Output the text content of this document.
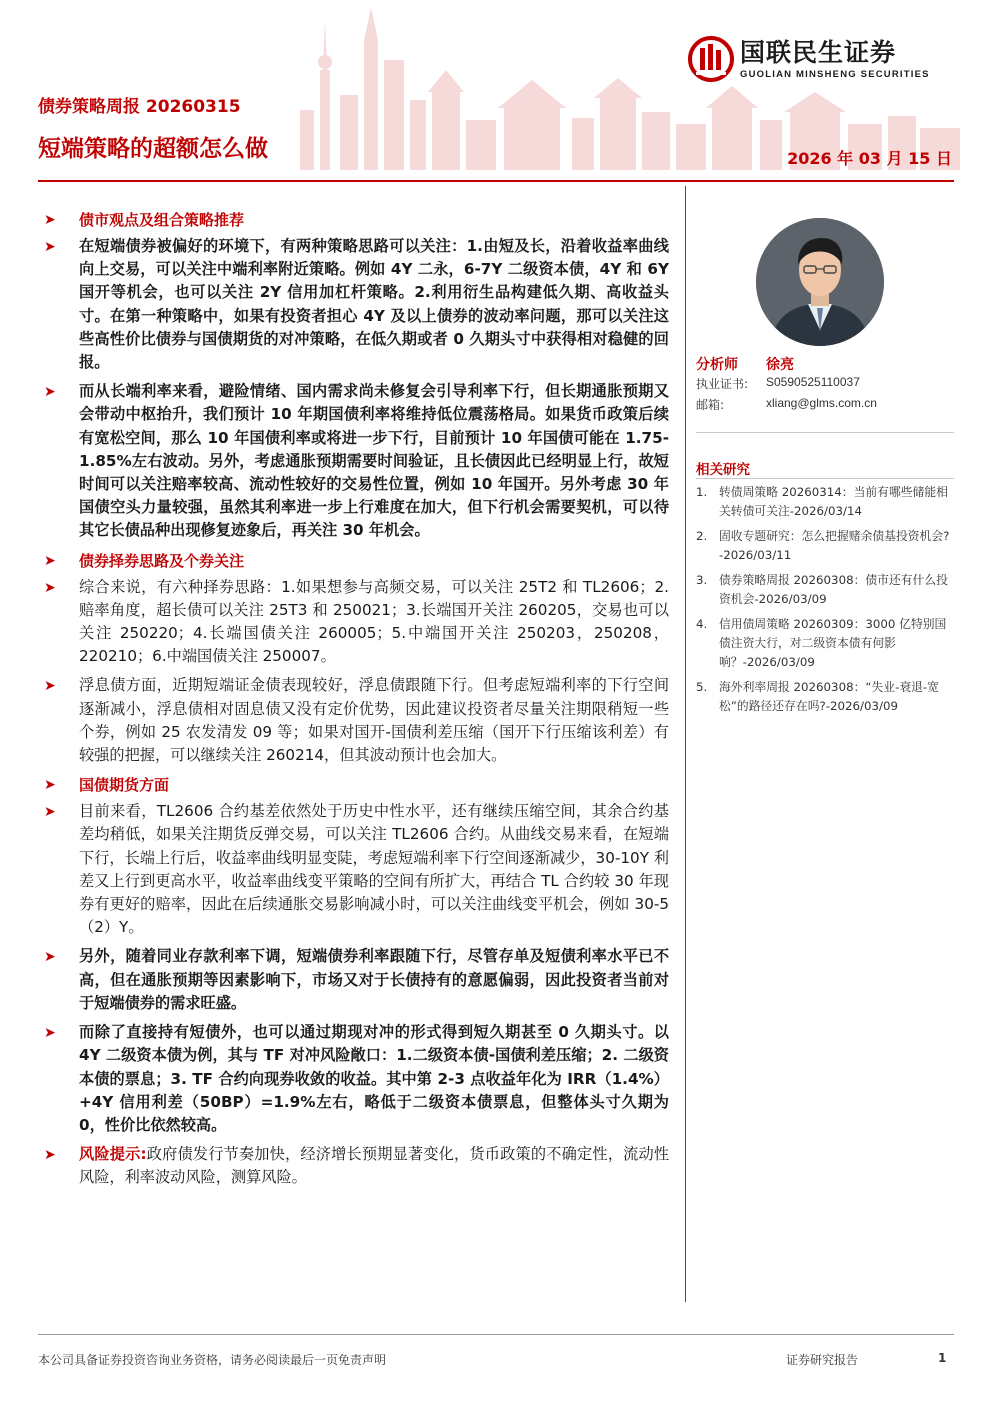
国联民生证券
GUOLIAN MINSHENG SECURITIES
债券策略周报 20260315
短端策略的超额怎么做	2026 年 03 月 15 日
➤ 债市观点及组合策略推荐
➤ 在短端债券被偏好的环境下，有两种策略思路可以关注：1.由短及长，沿着收益率曲线向上交易，可以关注中端利率附近策略。例如 4Y 二永，6-7Y 二级资本债，4Y 和 6Y 国开等机会，也可以关注 2Y 信用加杠杆策略。2.利用衍生品构建低久期、高收益头寸。在第一种策略中，如果有投资者担心 4Y 及以上债券的波动率问题，那可以关注这些高性价比债券与国债期货的对冲策略，在低久期或者 0 久期头寸中获得相对稳健的回报。
➤ 而从长端利率来看，避险情绪、国内需求尚未修复会引导利率下行，但长期通胀预期又会带动中枢抬升，我们预计 10 年期国债利率将维持低位震荡格局。如果货币政策后续有宽松空间，那么 10 年国债利率或将进一步下行，目前预计 10 年国债可能在 1.75-1.85%左右波动。另外，考虑通胀预期需要时间验证，且长债因此已经明显上行，故短时间可以关注赔率较高、流动性较好的交易性位置，例如 10 年国开。另外考虑 30 年国债空头力量较强，虽然其利率进一步上行难度在加大，但下行机会需要契机，可以待其它长债品种出现修复迹象后，再关注 30 年机会。
➤ 债券择券思路及个券关注
➤ 综合来说，有六种择券思路：1.如果想参与高频交易，可以关注 25T2 和 TL2606；2.赔率角度，超长债可以关注 25T3 和 250021；3.长端国开关注 260205，交易也可以关注 250220；4.长端国债关注 260005；5.中端国开关注 250203，250208，220210；6.中端国债关注 250007。
➤ 浮息债方面，近期短端证金债表现较好，浮息债跟随下行。但考虑短端利率的下行空间逐渐减小，浮息债相对固息债又没有定价优势，因此建议投资者尽量关注期限稍短一些个券，例如 25 农发清发 09 等；如果对国开-国债利差压缩（国开下行压缩该利差）有较强的把握，可以继续关注 260214，但其波动预计也会加大。
➤ 国债期货方面
➤ 目前来看，TL2606 合约基差依然处于历史中性水平，还有继续压缩空间，其余合约基差均稍低，如果关注期货反弹交易，可以关注 TL2606 合约。从曲线交易来看，在短端下行，长端上行后，收益率曲线明显变陡，考虑短端利率下行空间逐渐减少，30-10Y 利差又上行到更高水平，收益率曲线变平策略的空间有所扩大，再结合 TL 合约较 30 年现券有更好的赔率，因此在后续通胀交易影响减小时，可以关注曲线变平机会，例如 30-5（2）Y。
➤ 另外，随着同业存款利率下调，短端债券利率跟随下行，尽管存单及短债利率水平已不高，但在通胀预期等因素影响下，市场又对于长债持有的意愿偏弱，因此投资者当前对于短端债券的需求旺盛。
➤ 而除了直接持有短债外，也可以通过期现对冲的形式得到短久期甚至 0 久期头寸。以 4Y 二级资本债为例，其与 TF 对冲风险敞口：1.二级资本债-国债利差压缩；2. 二级资本债的票息；3. TF 合约向现券收敛的收益。其中第 2-3 点收益年化为 IRR（1.4%）+4Y 信用利差（50BP）=1.9%左右，略低于二级资本债票息，但整体头寸久期为 0，性价比依然较高。
➤ 风险提示:政府债发行节奏加快，经济增长预期显著变化，货币政策的不确定性，流动性风险，利率波动风险，测算风险。
分析师 徐亮
执业证书: S0590525110037
邮箱:	xliang@glms.com.cn
相关研究
1. 转债周策略 20260314：当前有哪些储能相关转债可关注-2026/03/14
2. 固收专题研究：怎么把握赌余债基投资机会?-2026/03/11
3. 债券策略周报 20260308：债市还有什么投资机会-2026/03/09
4. 信用债周策略 20260309：3000 亿特别国债注资大行，对二级资本债有何影响？-2026/03/09
5. 海外利率周报 20260308：“失业-衰退-宽松”的路径还存在吗?-2026/03/09
本公司具备证券投资咨询业务资格，请务必阅读最后一页免责声明	证券研究报告	1
